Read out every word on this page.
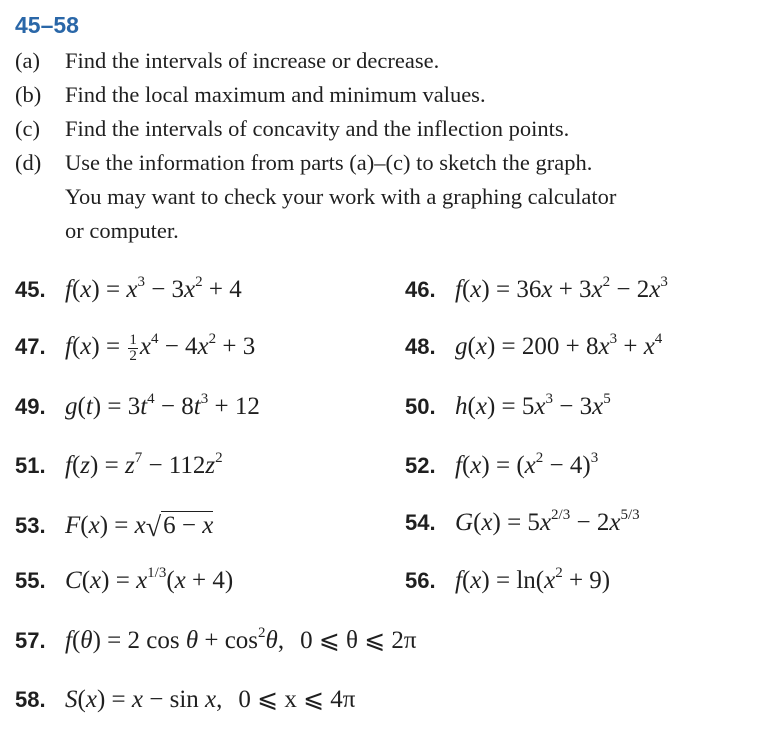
45–58
(a)	Find the intervals of increase or decrease.
(b)	Find the local maximum and minimum values.
(c)	Find the intervals of concavity and the inflection points.
(d)	Use the information from parts (a)–(c) to sketch the graph.
You may want to check your work with a graphing calculator
or computer.
45. $f(x) = x^3 - 3x^2 + 4$	46. $f(x) = 36x + 3x^2 - 2x^3$
47. $f(x) = \frac{1}{2} x^4 - 4x^2 + 3$	48. $g(x) = 200 + 8x^3 + x^4$
49. $g(t) = 3t^4 - 8t^3 + 12$	50. $h(x) = 5x^3 - 3x^5$
51. $f(z) = z^7 - 112z^2$	52. $f(x) = (x^2 - 4)^3$
53. F(x) = x√6 − x	54. $G(x) = 5x^{2/3} - 2x^{5/3}$
55. $C(x) = x^{1/3}(x + 4)$	56. $f(x) = \ln(x^2 + 9)$
57. f(θ) = 2 $\cos \theta + \cos^2\theta$, 0 ⩽ θ ⩽ 2π
58. S(x) = x − sin x, 0 ⩽ x ⩽ 4π
